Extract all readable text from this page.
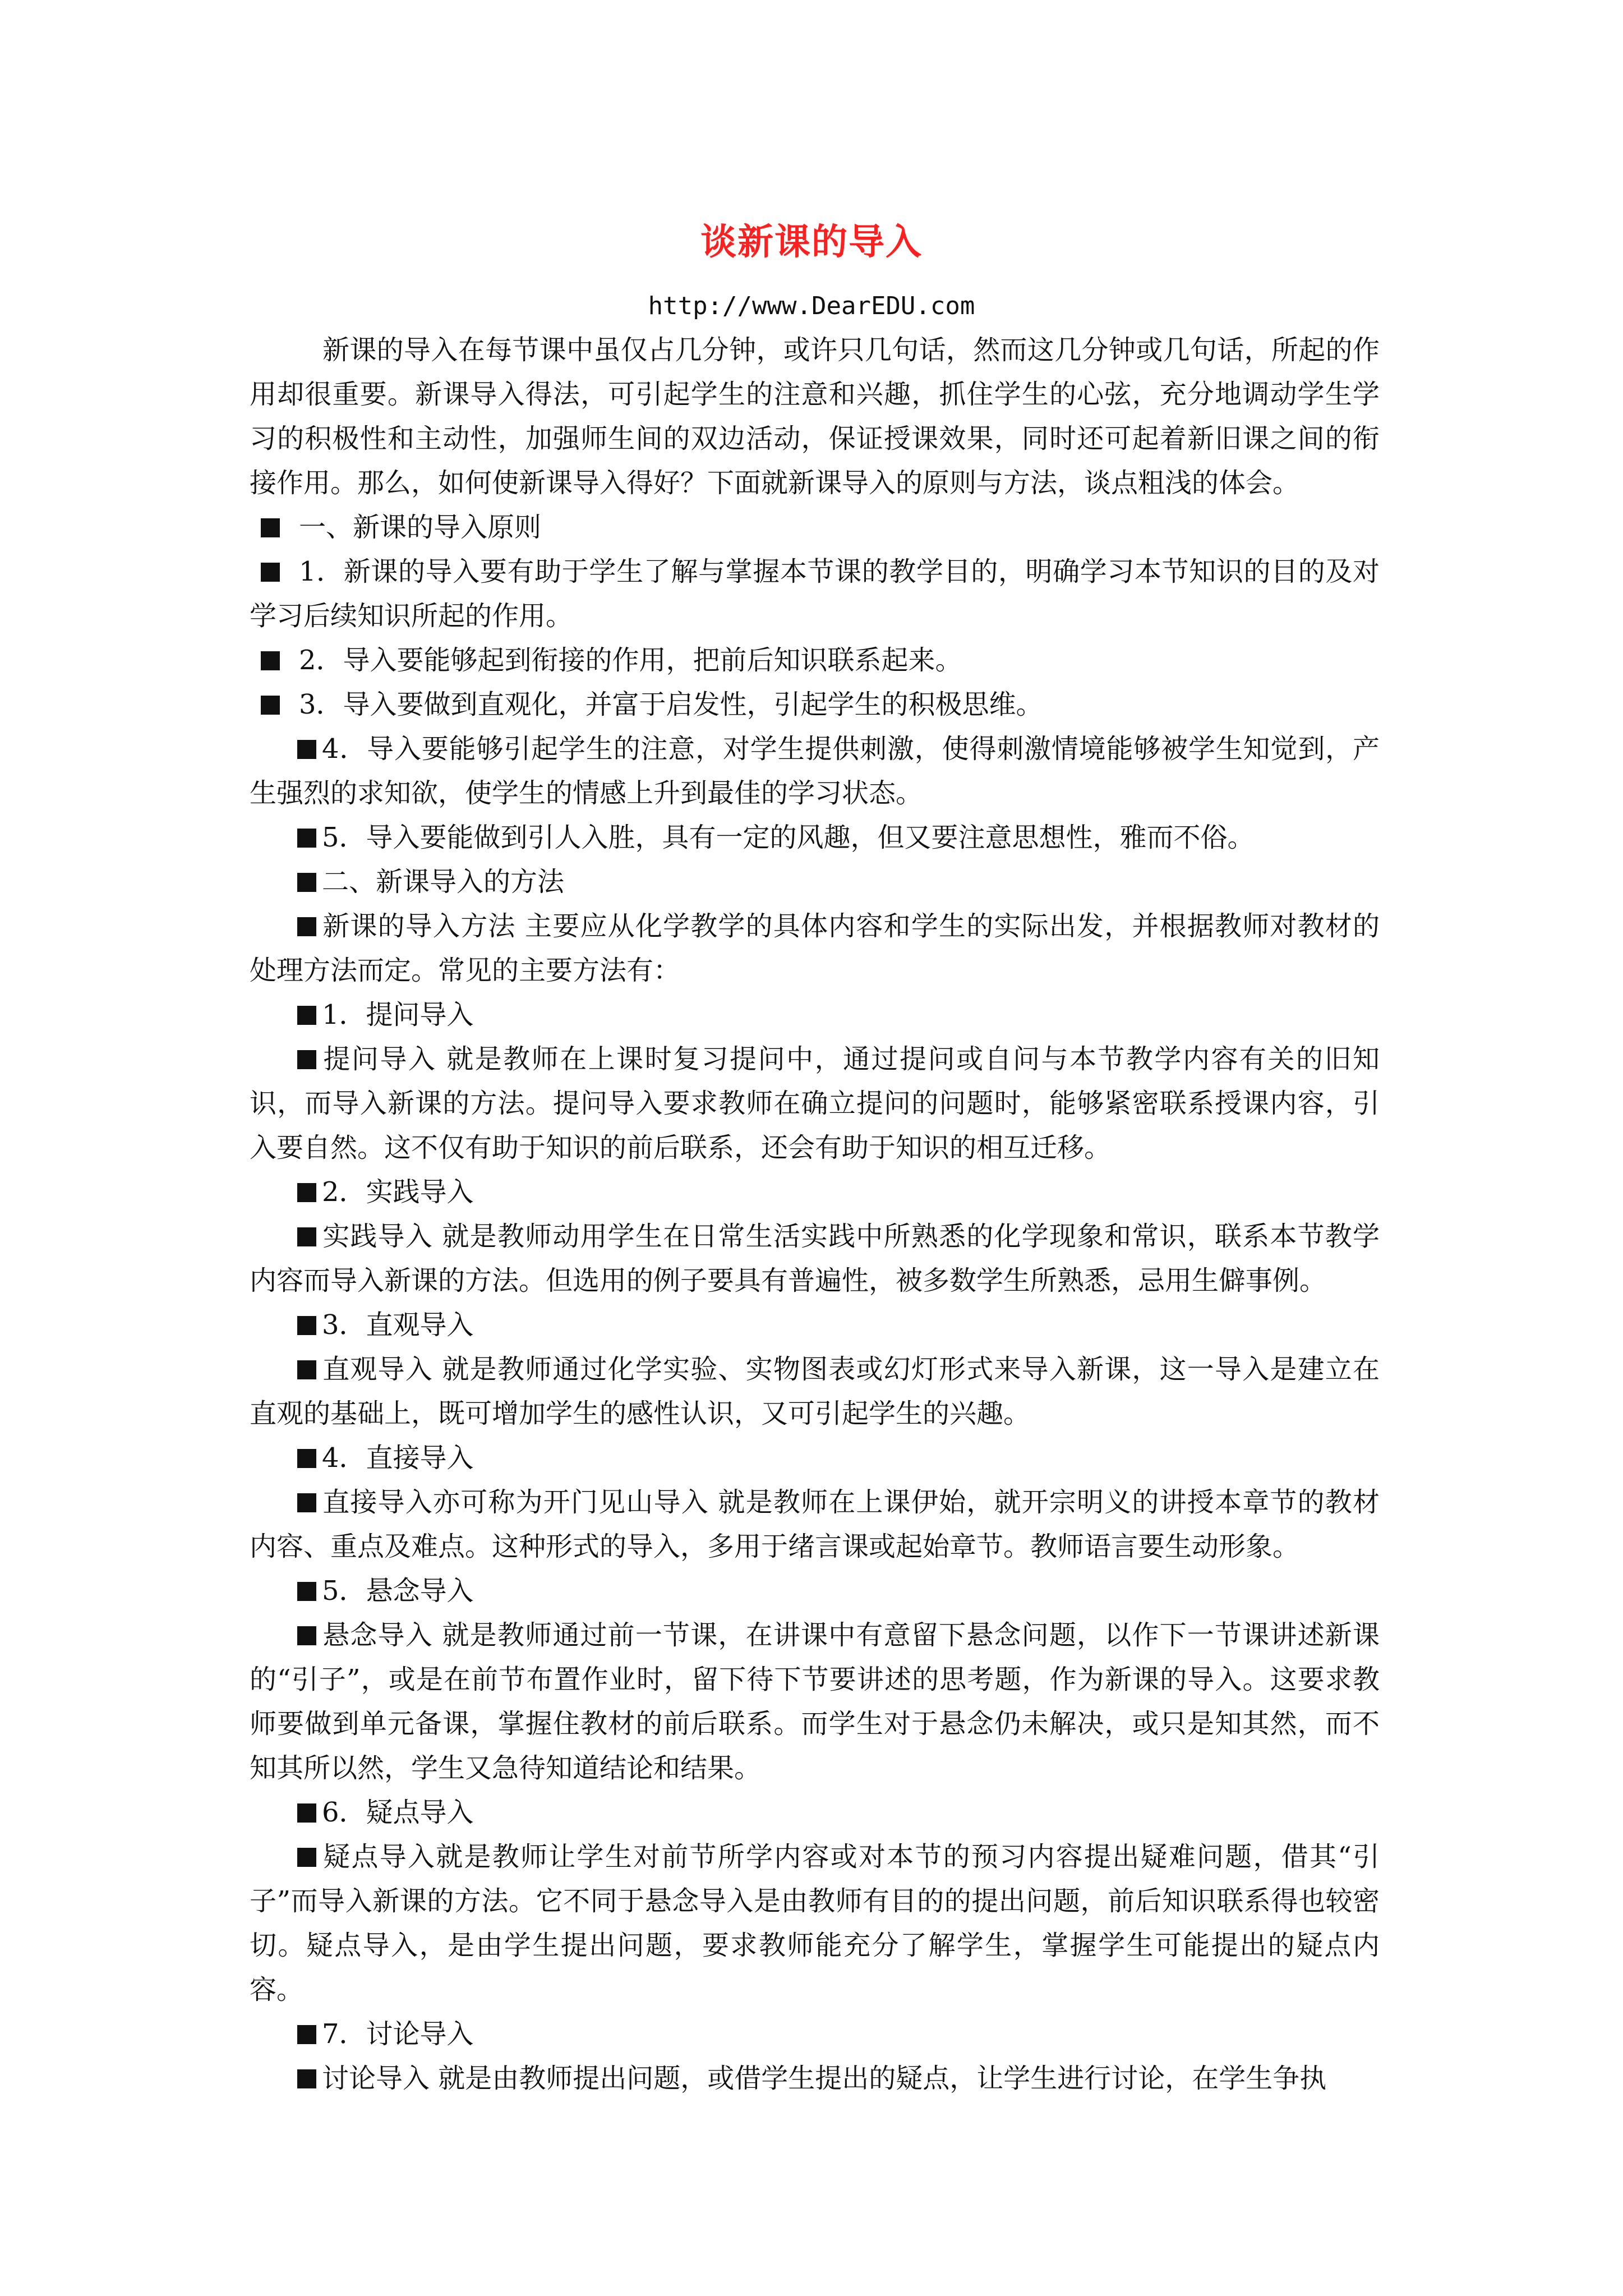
谈新课的导入
http://www.DearEDU.com

新课的导入在每节课中虽仅占几分钟，或许只几句话，然而这几分钟或几句话，所起的作用却很重要。新课导入得法，可引起学生的注意和兴趣，抓住学生的心弦，充分地调动学生学习的积极性和主动性，加强师生间的双边活动，保证授课效果，同时还可起着新旧课之间的衔接作用。那么，如何使新课导入得好？下面就新课导入的原则与方法，谈点粗浅的体会。

一、新课的导入原则

1．新课的导入要有助于学生了解与掌握本节课的教学目的，明确学习本节知识的目的及对学习后续知识所起的作用。

2．导入要能够起到衔接的作用，把前后知识联系起来。

3．导入要做到直观化，并富于启发性，引起学生的积极思维。

4．导入要能够引起学生的注意，对学生提供刺激，使得刺激情境能够被学生知觉到，产生强烈的求知欲，使学生的情感上升到最佳的学习状态。

5．导入要能做到引人入胜，具有一定的风趣，但又要注意思想性，雅而不俗。

二、新课导入的方法

新课的导入方法 主要应从化学教学的具体内容和学生的实际出发，并根据教师对教材的处理方法而定。常见的主要方法有：

1．提问导入

提问导入 就是教师在上课时复习提问中，通过提问或自问与本节教学内容有关的旧知识，而导入新课的方法。提问导入要求教师在确立提问的问题时，能够紧密联系授课内容，引入要自然。这不仅有助于知识的前后联系，还会有助于知识的相互迁移。

2．实践导入

实践导入 就是教师动用学生在日常生活实践中所熟悉的化学现象和常识，联系本节教学内容而导入新课的方法。但选用的例子要具有普遍性，被多数学生所熟悉，忌用生僻事例。

3．直观导入

直观导入 就是教师通过化学实验、实物图表或幻灯形式来导入新课，这一导入是建立在直观的基础上，既可增加学生的感性认识，又可引起学生的兴趣。

4．直接导入

直接导入亦可称为开门见山导入 就是教师在上课伊始，就开宗明义的讲授本章节的教材内容、重点及难点。这种形式的导入，多用于绪言课或起始章节。教师语言要生动形象。

5．悬念导入

悬念导入 就是教师通过前一节课，在讲课中有意留下悬念问题，以作下一节课讲述新课的“引子”，或是在前节布置作业时，留下待下节要讲述的思考题，作为新课的导入。这要求教师要做到单元备课，掌握住教材的前后联系。而学生对于悬念仍未解决，或只是知其然，而不知其所以然，学生又急待知道结论和结果。

6．疑点导入

疑点导入就是教师让学生对前节所学内容或对本节的预习内容提出疑难问题，借其“引子”而导入新课的方法。它不同于悬念导入是由教师有目的的提出问题，前后知识联系得也较密切。疑点导入，是由学生提出问题，要求教师能充分了解学生，掌握学生可能提出的疑点内容。

7．讨论导入

讨论导入 就是由教师提出问题，或借学生提出的疑点，让学生进行讨论，在学生争执
